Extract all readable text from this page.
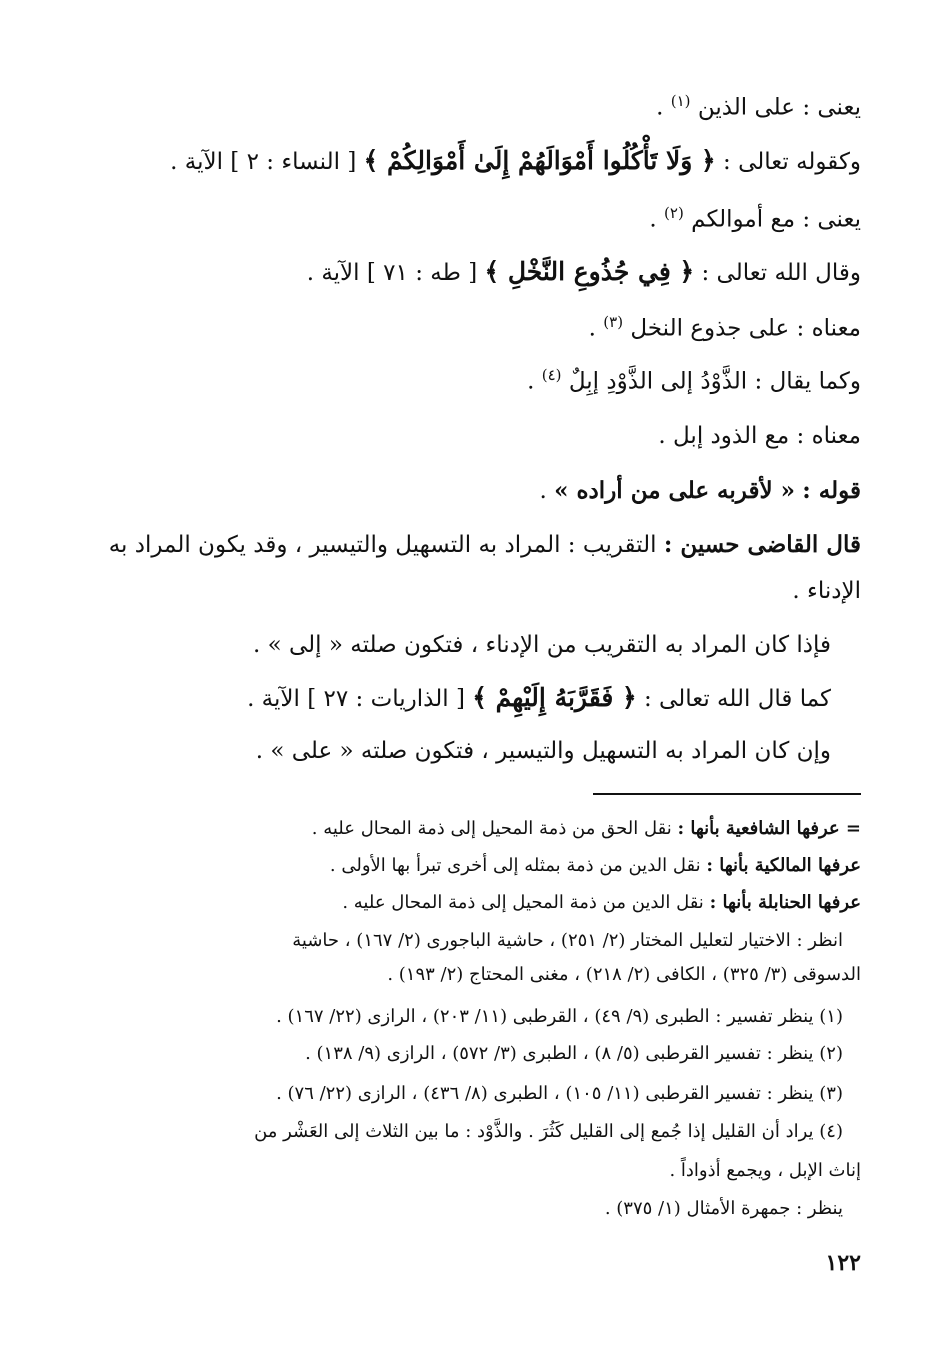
يعنى : على الذين $^{(١)}$ .
وكقوله تعالى : ﴿ وَلَا تَأْكُلُوا أَمْوَالَهُمْ إِلَىٰ أَمْوَالِكُمْ ﴾ [ النساء : ٢ ] الآية .
يعنى : مع أموالكم $^{(٢)}$ .
وقال الله تعالى : ﴿ فِي جُذُوعِ النَّخْلِ ﴾ [ طه : ٧١ ] الآية .
معناه : على جذوع النخل $^{(٣)}$ .
وكما يقال : الذَّوْدُ إلى الذَّوْدِ إبِلٌ $^{(٤)}$ .
معناه : مع الذود إبل .
قوله : « لأقربه على من أراده » .
قال القاضى حسين : التقريب : المراد به التسهيل والتيسير ، وقد يكون المراد به
الإدناء .
فإذا كان المراد به التقريب من الإدناء ، فتكون صلته « إلى » .
كما قال الله تعالى : ﴿ فَقَرَّبَهُ إِلَيْهِمْ ﴾ [ الذاريات : ٢٧ ] الآية .
وإن كان المراد به التسهيل والتيسير ، فتكون صلته « على » .
= عرفها الشافعية بأنها : نقل الحق من ذمة المحيل إلى ذمة المحال عليه .
عرفها المالكية بأنها : نقل الدين من ذمة بمثله إلى أخرى تبرأ بها الأولى .
عرفها الحنابلة بأنها : نقل الدين من ذمة المحيل إلى ذمة المحال عليه .
انظر : الاختيار لتعليل المختار (٢/ ٢٥١) ، حاشية الباجورى (٢/ ١٦٧) ، حاشية
الدسوقى (٣/ ٣٢٥) ، الكافى (٢/ ٢١٨) ، مغنى المحتاج (٢/ ١٩٣) .
(١) ينظر تفسير : الطبرى (٩/ ٤٩) ، القرطبى (١١/ ٢٠٣) ، الرازى (٢٢/ ١٦٧) .
(٢) ينظر : تفسير القرطبى (٥/ ٨) ، الطبرى (٣/ ٥٧٢) ، الرازى (٩/ ١٣٨) .
(٣) ينظر : تفسير القرطبى (١١/ ١٠٥) ، الطبرى (٨/ ٤٣٦) ، الرازى (٢٢/ ٧٦) .
(٤) يراد أن القليل إذا جُمع إلى القليل كَثُرَ . والذَّوْد : ما بين الثلاث إلى العَشْر من
إناث الإبل ، ويجمع أذواداً .
ينظر : جمهرة الأمثال (١/ ٣٧٥) .
١٢٢
